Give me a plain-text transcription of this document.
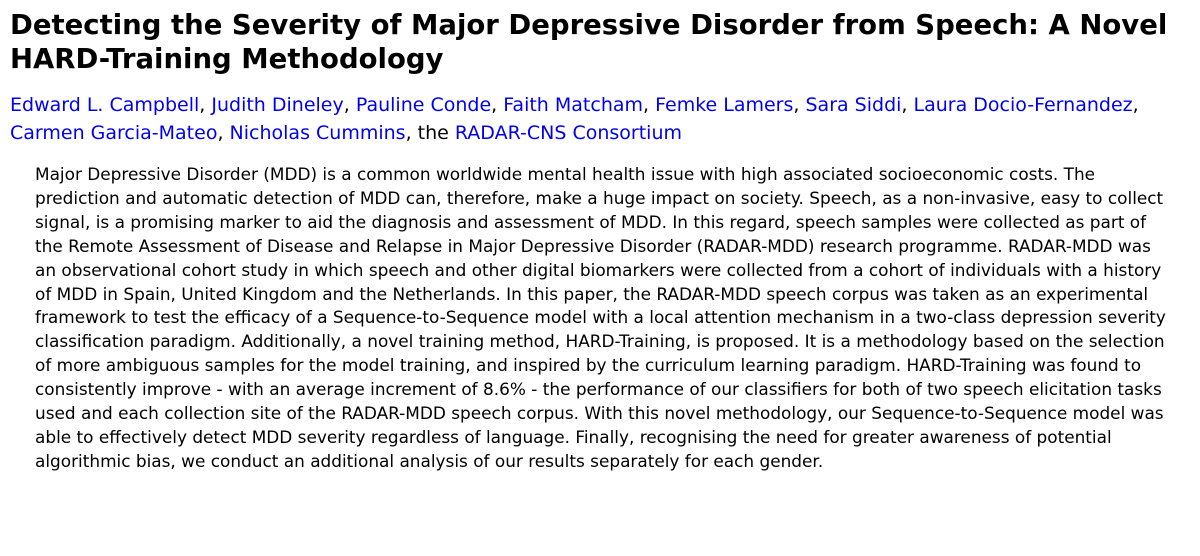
Detecting the Severity of Major Depressive Disorder from Speech: A Novel HARD-Training Methodology
Edward L. Campbell, Judith Dineley, Pauline Conde, Faith Matcham, Femke Lamers, Sara Siddi, Laura Docio-Fernandez, Carmen Garcia-Mateo, Nicholas Cummins, the RADAR-CNS Consortium

Major Depressive Disorder (MDD) is a common worldwide mental health issue with high associated socioeconomic costs. The prediction and automatic detection of MDD can, therefore, make a huge impact on society. Speech, as a non-invasive, easy to collect signal, is a promising marker to aid the diagnosis and assessment of MDD. In this regard, speech samples were collected as part of the Remote Assessment of Disease and Relapse in Major Depressive Disorder (RADAR-MDD) research programme. RADAR-MDD was an observational cohort study in which speech and other digital biomarkers were collected from a cohort of individuals with a history of MDD in Spain, United Kingdom and the Netherlands. In this paper, the RADAR-MDD speech corpus was taken as an experimental framework to test the efficacy of a Sequence-to-Sequence model with a local attention mechanism in a two-class depression severity classification paradigm. Additionally, a novel training method, HARD-Training, is proposed. It is a methodology based on the selection of more ambiguous samples for the model training, and inspired by the curriculum learning paradigm. HARD-Training was found to consistently improve - with an average increment of 8.6% - the performance of our classifiers for both of two speech elicitation tasks used and each collection site of the RADAR-MDD speech corpus. With this novel methodology, our Sequence-to-Sequence model was able to effectively detect MDD severity regardless of language. Finally, recognising the need for greater awareness of potential algorithmic bias, we conduct an additional analysis of our results separately for each gender.
